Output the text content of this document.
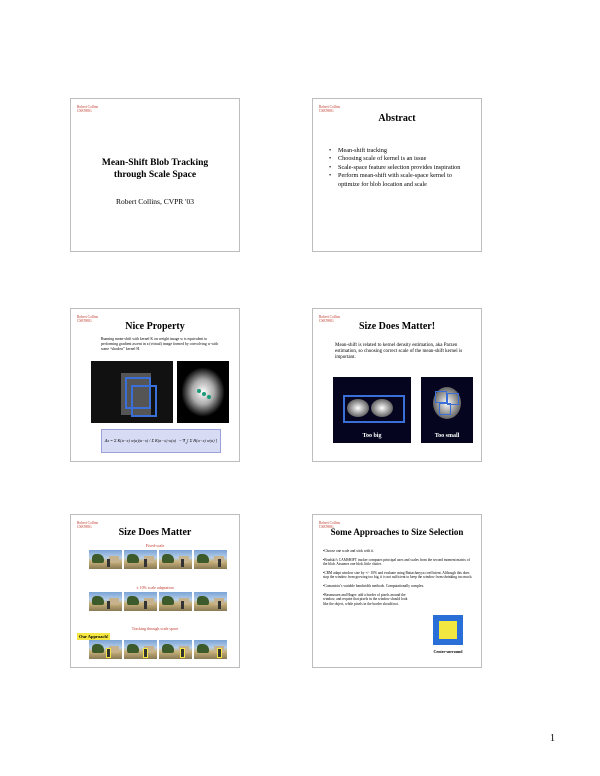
Robert Collins
CSE598G
Mean-Shift Blob Tracking
through Scale Space
Robert Collins, CVPR '03
Robert Collins
CSE598G
Abstract
• Mean-shift tracking
• Choosing scale of kernel is an issue
• Scale-space feature selection provides inspiration
• Perform mean-shift with scale-space kernel to optimize for blob location and scale
Robert Collins
CSE598G	Nice Property
Running mean-shift with kernel K on weight image w is equivalent to performing gradient ascent in a (virtual) image formed by convolving w with some “shadow” kernel H.
Δx = Σ K(a−x) w(a)(a−x) / Σ K(a−x) w(a)   ~ $\nabla_x$[ Σ H(a−x) w(a) ]
Robert Collins
CSE598G	Size Does Matter!
Mean-shift is related to kernel density estimation, aka Parzen estimation, so choosing correct scale of the mean-shift kernel is important.
Too big	Too small
Robert Collins
CSE598G	Size Does Matter
Fixed-scale
± 10% scale adaptation
Tracking through scale space
Our Approach!
Robert Collins
CSE598G
Some Approaches to Size Selection
•Choose one scale and stick with it.
•Bradski’s CAMSHIFT tracker computes principal axes and scales from the second moment matrix of the blob. Assumes one blob, little clutter.
•CRM adapt window size by +/- 10% and evaluate using Battacharyya coefficient. Although this does stop the window from growing too big, it is not sufficient to keep the window from shrinking too much.
•Comaniciu’s variable bandwidth methods. Computationally complex.
•Rasmussen and Hager: add a border of pixels around the window, and require that pixels in the window should look like the object, while pixels in the border should not.
Center-surround
1
